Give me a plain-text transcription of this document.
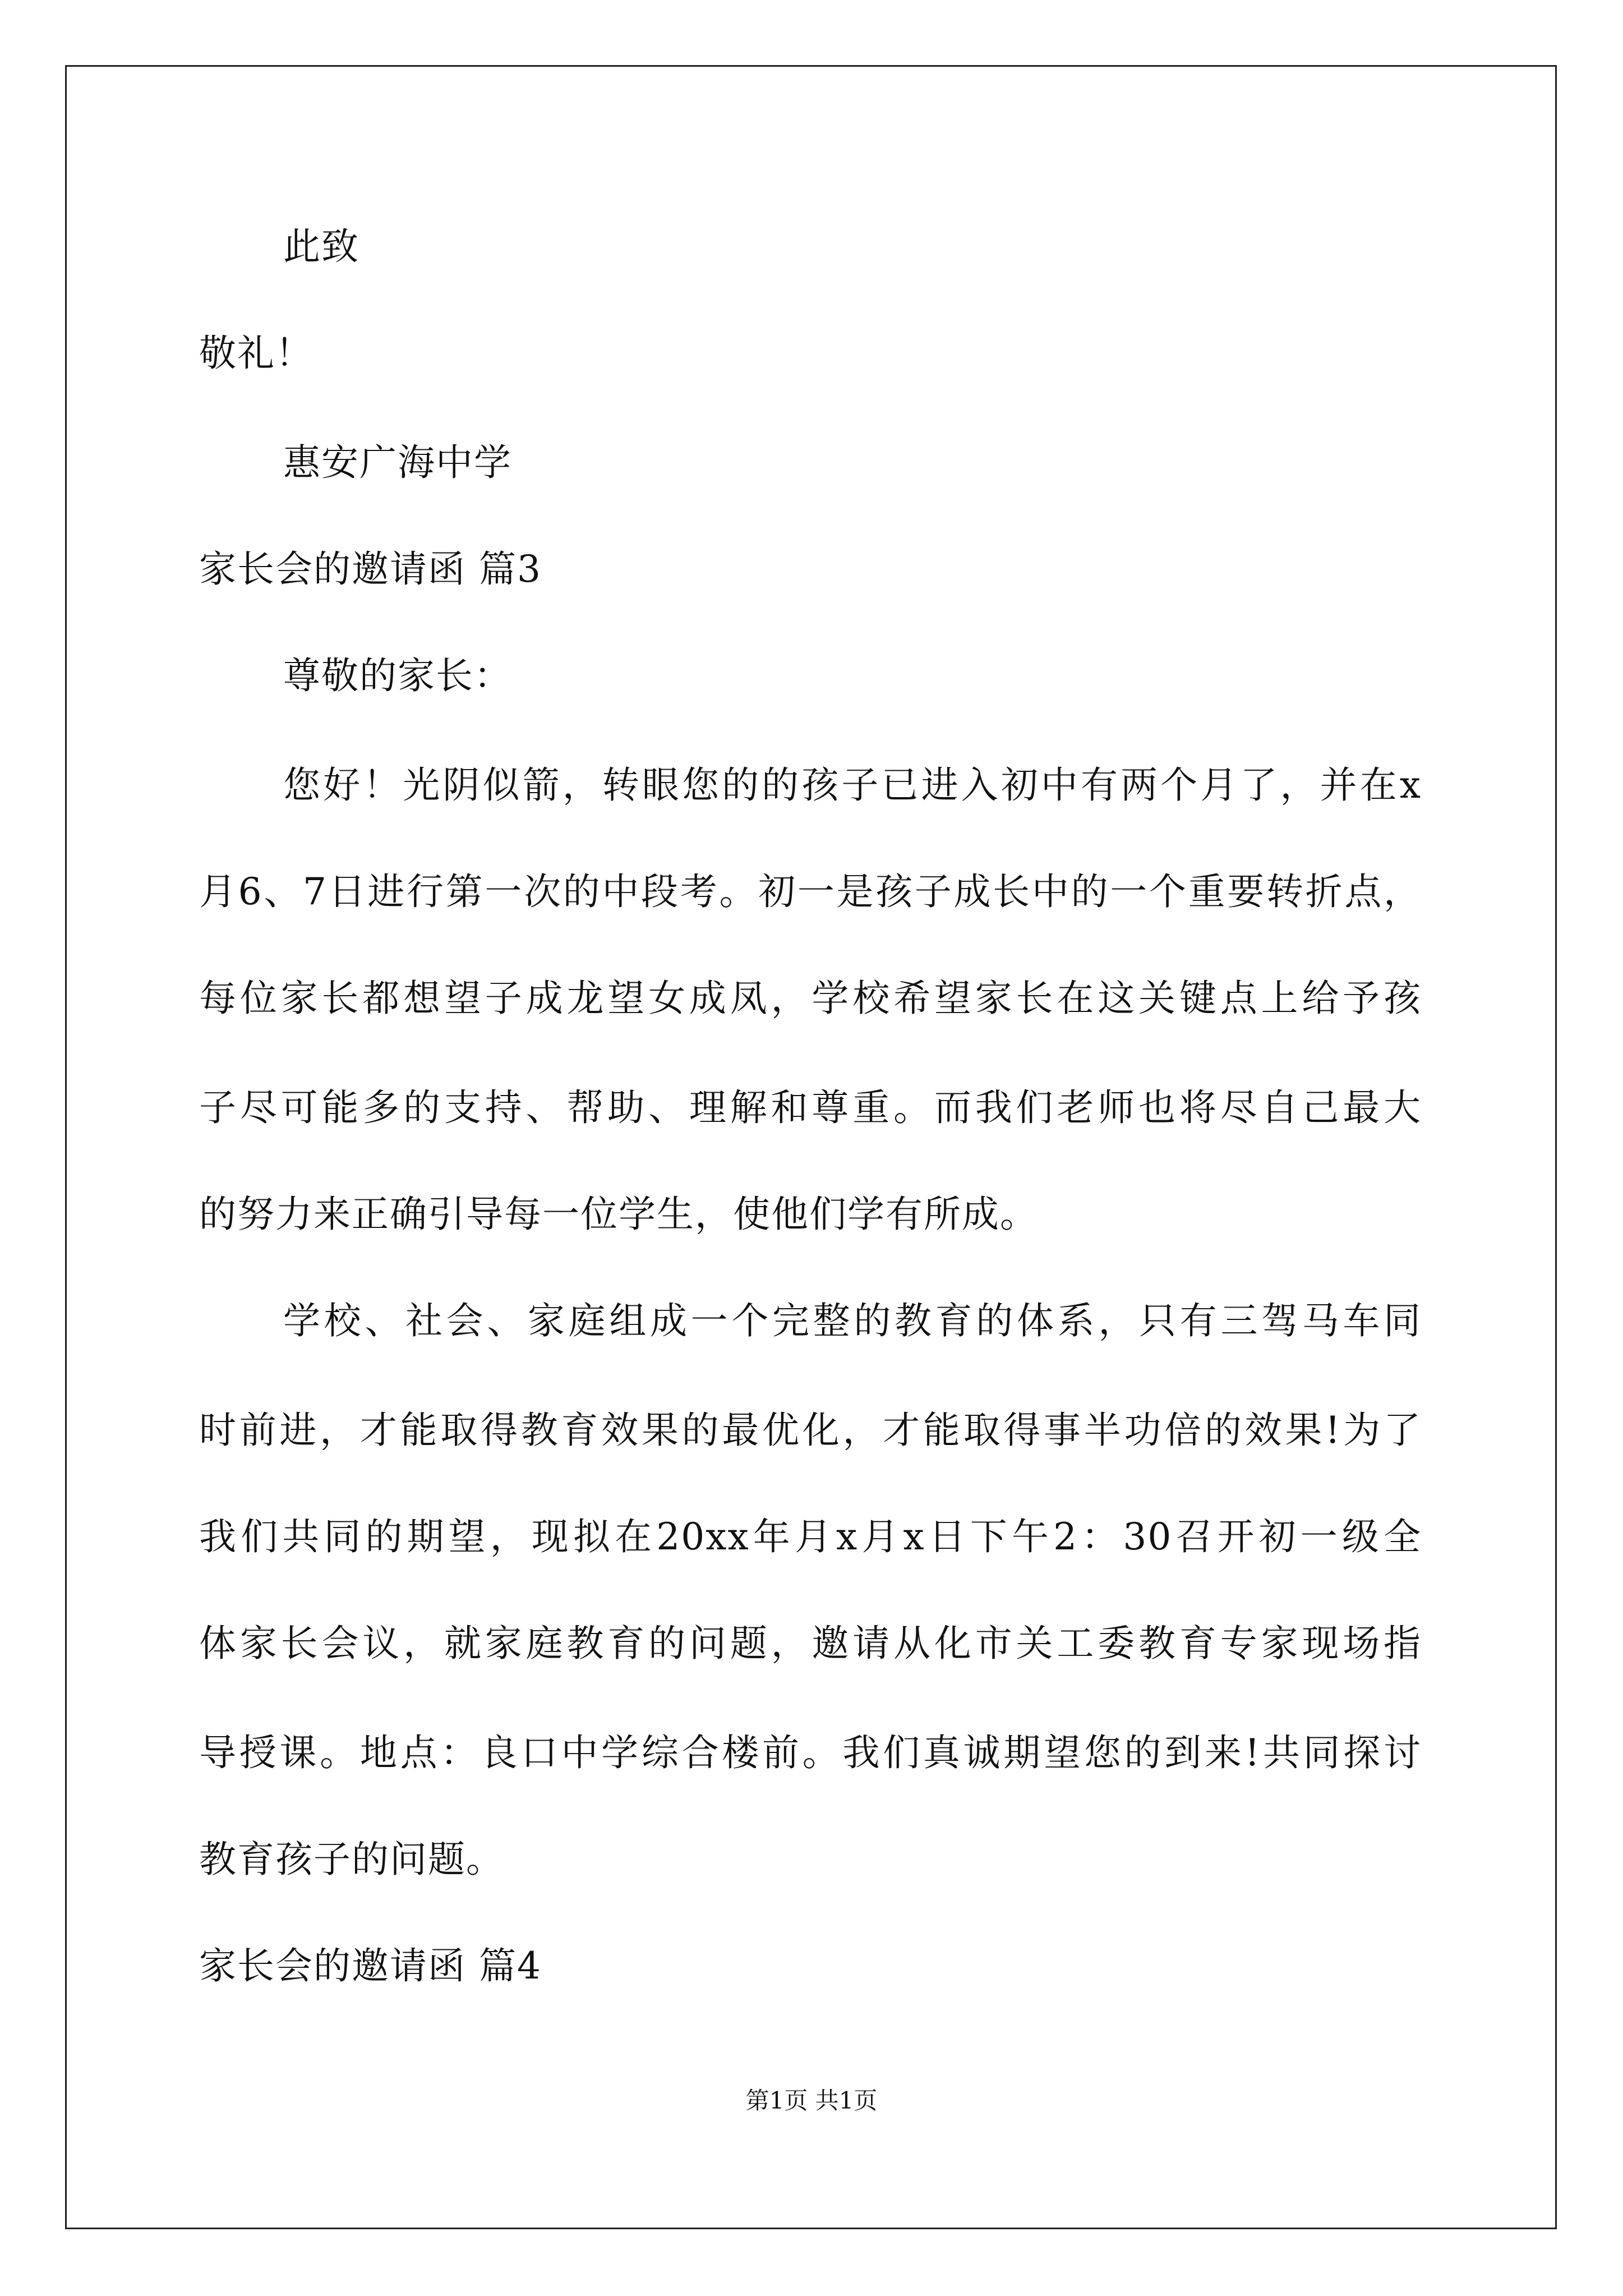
此致
敬礼！
惠安广海中学
家长会的邀请函 篇3
尊敬的家长：
您好！光阴似箭，转眼您的的孩子已进入初中有两个月了，并在x
月6、7日进行第一次的中段考。初一是孩子成长中的一个重要转折点，
每位家长都想望子成龙望女成凤，学校希望家长在这关键点上给予孩
子尽可能多的支持、帮助、理解和尊重。而我们老师也将尽自己最大
的努力来正确引导每一位学生，使他们学有所成。
学校、社会、家庭组成一个完整的教育的体系，只有三驾马车同
时前进，才能取得教育效果的最优化，才能取得事半功倍的效果!为了
我们共同的期望，现拟在20xx年月x月x日下午2：30召开初一级全
体家长会议，就家庭教育的问题，邀请从化市关工委教育专家现场指
导授课。地点：良口中学综合楼前。我们真诚期望您的到来!共同探讨
教育孩子的问题。
家长会的邀请函 篇4
第1页 共1页
